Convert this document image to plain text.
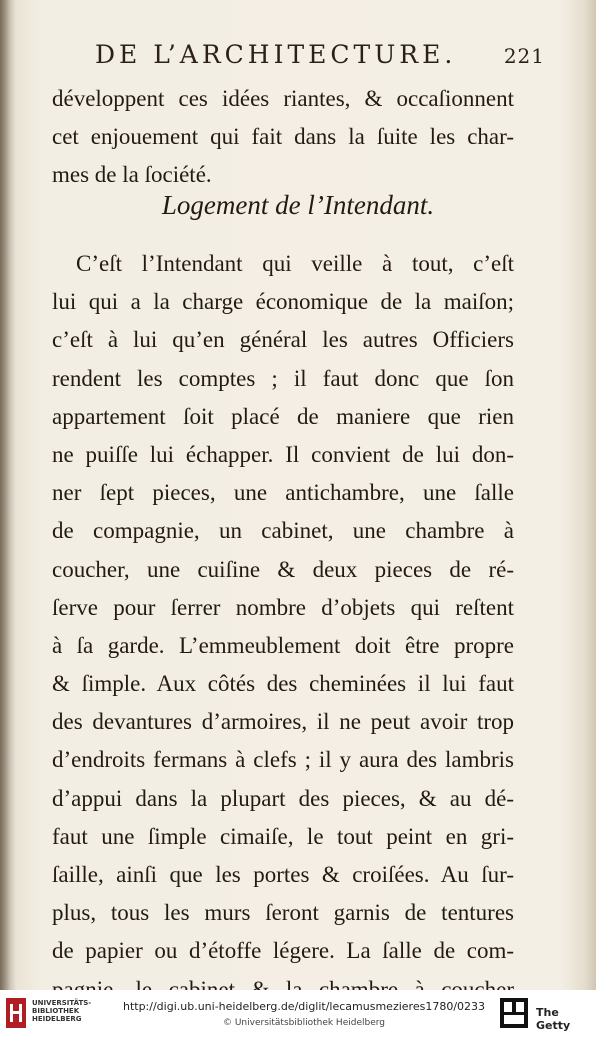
DE L’ARCHITECTURE. 221
développent ces idées riantes, & occaſionnent
cet enjouement qui fait dans la ſuite les char-
mes de la ſociété.
Logement de l’Intendant.
C’eſt l’Intendant qui veille à tout, c’eſt
lui qui a la charge économique de la maiſon;
c’eſt à lui qu’en général les autres Officiers
rendent les comptes ; il faut donc que ſon
appartement ſoit placé de maniere que rien
ne puiſſe lui échapper. Il convient de lui don-
ner ſept pieces, une antichambre, une ſalle
de compagnie, un cabinet, une chambre à
coucher, une cuiſine & deux pieces de ré-
ſerve pour ſerrer nombre d’objets qui reſtent
à ſa garde. L’emmeublement doit être propre
& ſimple. Aux côtés des cheminées il lui faut
des devantures d’armoires, il ne peut avoir trop
d’endroits fermans à clefs ; il y aura des lambris
d’appui dans la plupart des pieces, & au dé-
faut une ſimple cimaiſe, le tout peint en gri-
ſaille, ainſi que les portes & croiſées. Au ſur-
plus, tous les murs ſeront garnis de tentures
de papier ou d’étoffe légere. La ſalle de com-
UNIVERSITÄTS-
BIBLIOTHEK
HEIDELBERG
http://digi.ub.uni-heidelberg.de/diglit/lecamusmezieres1780/0233
© Universitätsbibliothek Heidelberg
The Getty
